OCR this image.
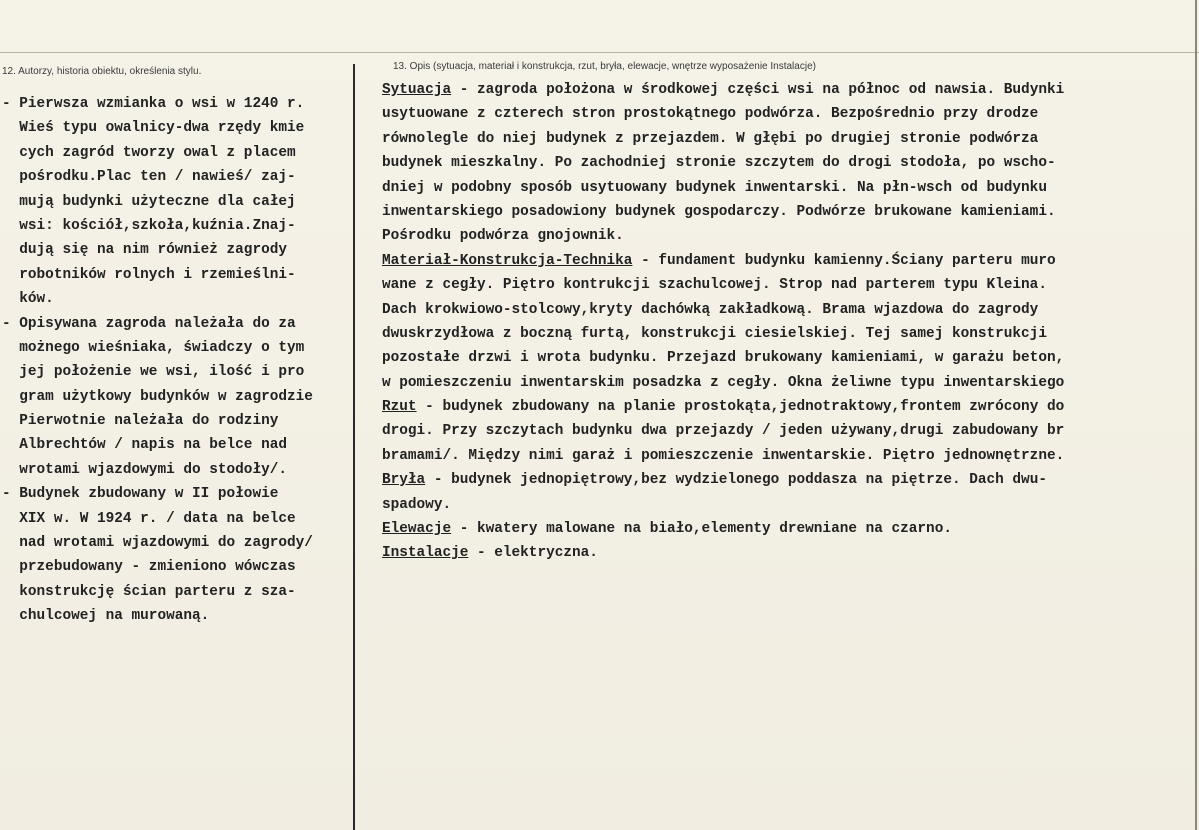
12. Autorzy, historia obiektu, określenia stylu.	13. Opis (sytuacja, materiał i konstrukcja, rzut, bryła, elewacje, wnętrze wyposażenie Instalacje)
- Pierwsza wzmianka o wsi w 1240 r.
Wieś typu owalnicy-dwa rzędy kmie
cych zagród tworzy owal z placem
pośrodku.Plac ten / nawieś/ zaj-
mują budynki użyteczne dla całej
wsi: kościół,szkoła,kuźnia.Znaj-
dują się na nim również zagrody
robotników rolnych i rzemieślni-
ków.
- Opisywana zagroda należała do za
możnego wieśniaka, świadczy o tym
jej położenie we wsi, ilość i pro
gram użytkowy budynków w zagrodzie
Pierwotnie należała do rodziny
Albrechtów / napis na belce nad
wrotami wjazdowymi do stodoły/.
- Budynek zbudowany w II połowie
XIX w. W 1924 r. / data na belce
nad wrotami wjazdowymi do zagrody/
przebudowany - zmieniono wówczas
konstrukcję ścian parteru z sza-
chulcowej na murowaną.
Sytuacja - zagroda położona w środkowej części wsi na północ od nawsia. Budynki
usytuowane z czterech stron prostokątnego podwórza. Bezpośrednio przy drodze
równolegle do niej budynek z przejazdem. W głębi po drugiej stronie podwórza
budynek mieszkalny. Po zachodniej stronie szczytem do drogi stodoła, po wscho-
dniej w podobny sposób usytuowany budynek inwentarski. Na płn-wsch od budynku
inwentarskiego posadowiony budynek gospodarczy. Podwórze brukowane kamieniami.
Pośrodku podwórza gnojownik.
Materiał-Konstrukcja-Technika - fundament budynku kamienny.Ściany parteru muro
wane z cegły. Piętro kontrukcji szachulcowej. Strop nad parterem typu Kleina.
Dach krokwiowo-stolcowy,kryty dachówką zakładkową. Brama wjazdowa do zagrody
dwuskrzydłowa z boczną furtą, konstrukcji ciesielskiej. Tej samej konstrukcji
pozostałe drzwi i wrota budynku. Przejazd brukowany kamieniami, w garażu beton,
w pomieszczeniu inwentarskim posadzka z cegły. Okna żeliwne typu inwentarskiego
Rzut - budynek zbudowany na planie prostokąta,jednotraktowy,frontem zwrócony do
drogi. Przy szczytach budynku dwa przejazdy / jeden używany,drugi zabudowany br
bramami/. Między nimi garaż i pomieszczenie inwentarskie. Piętro jednownętrzne.
Bryła - budynek jednopiętrowy,bez wydzielonego poddasza na piętrze. Dach dwu-
spadowy.
Elewacje - kwatery malowane na biało,elementy drewniane na czarno.
Instalacje - elektryczna.
